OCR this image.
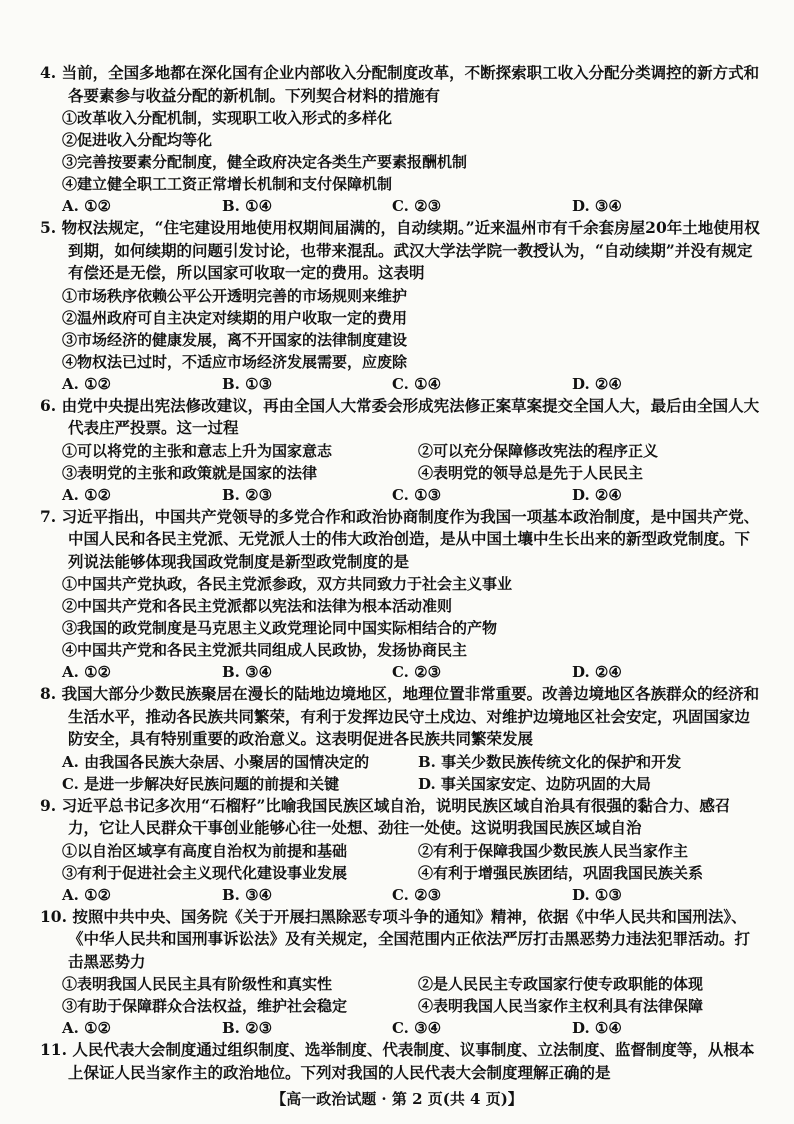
4. 当前，全国多地都在深化国有企业内部收入分配制度改革，不断探索职工收入分配分类调控的新方式和各要素参与收益分配的新机制。下列契合材料的措施有

①改革收入分配机制，实现职工收入形式的多样化
②促进收入分配均等化
③完善按要素分配制度，健全政府决定各类生产要素报酬机制
④建立健全职工工资正常增长机制和支付保障机制
A. ①②	B. ①④	C. ②③	D. ③④

5. 物权法规定，“住宅建设用地使用权期间届满的，自动续期。”近来温州市有千余套房屋20年土地使用权到期，如何续期的问题引发讨论，也带来混乱。武汉大学法学院一教授认为，“自动续期”并没有规定有偿还是无偿，所以国家可收取一定的费用。这表明

①市场秩序依赖公平公开透明完善的市场规则来维护
②温州政府可自主决定对续期的用户收取一定的费用
③市场经济的健康发展，离不开国家的法律制度建设
④物权法已过时，不适应市场经济发展需要，应废除
A. ①②	B. ①③	C. ①④	D. ②④

6. 由党中央提出宪法修改建议，再由全国人大常委会形成宪法修正案草案提交全国人大，最后由全国人大代表庄严投票。这一过程

①可以将党的主张和意志上升为国家意志	②可以充分保障修改宪法的程序正义
③表明党的主张和政策就是国家的法律	④表明党的领导总是先于人民民主
A. ①②	B. ②③	C. ①③	D. ②④

7. 习近平指出，中国共产党领导的多党合作和政治协商制度作为我国一项基本政治制度，是中国共产党、中国人民和各民主党派、无党派人士的伟大政治创造，是从中国土壤中生长出来的新型政党制度。下列说法能够体现我国政党制度是新型政党制度的是

①中国共产党执政，各民主党派参政，双方共同致力于社会主义事业
②中国共产党和各民主党派都以宪法和法律为根本活动准则
③我国的政党制度是马克思主义政党理论同中国实际相结合的产物
④中国共产党和各民主党派共同组成人民政协，发扬协商民主
A. ①②	B. ③④	C. ②③	D. ②④

8. 我国大部分少数民族聚居在漫长的陆地边境地区，地理位置非常重要。改善边境地区各族群众的经济和生活水平，推动各民族共同繁荣，有利于发挥边民守土戍边、对维护边境地区社会安定，巩固国家边防安全，具有特别重要的政治意义。这表明促进各民族共同繁荣发展

A. 由我国各民族大杂居、小聚居的国情决定的	B. 事关少数民族传统文化的保护和开发
C. 是进一步解决好民族问题的前提和关键	D. 事关国家安定、边防巩固的大局

9. 习近平总书记多次用“石榴籽”比喻我国民族区域自治，说明民族区域自治具有很强的黏合力、感召力，它让人民群众干事创业能够心往一处想、劲往一处使。这说明我国民族区域自治

①以自治区域享有高度自治权为前提和基础	②有利于保障我国少数民族人民当家作主
③有利于促进社会主义现代化建设事业发展	④有利于增强民族团结，巩固我国民族关系
A. ①②	B. ③④	C. ②③	D. ①③

10. 按照中共中央、国务院《关于开展扫黑除恶专项斗争的通知》精神，依据《中华人民共和国刑法》、《中华人民共和国刑事诉讼法》及有关规定，全国范围内正依法严厉打击黑恶势力违法犯罪活动。打击黑恶势力

①表明我国人民民主具有阶级性和真实性	②是人民民主专政国家行使专政职能的体现
③有助于保障群众合法权益，维护社会稳定	④表明我国人民当家作主权利具有法律保障
A. ①②	B. ②③	C. ③④	D. ①④

11. 人民代表大会制度通过组织制度、选举制度、代表制度、议事制度、立法制度、监督制度等，从根本上保证人民当家作主的政治地位。下列对我国的人民代表大会制度理解正确的是

【高一政治试题 · 第 2 页(共 4 页)】
